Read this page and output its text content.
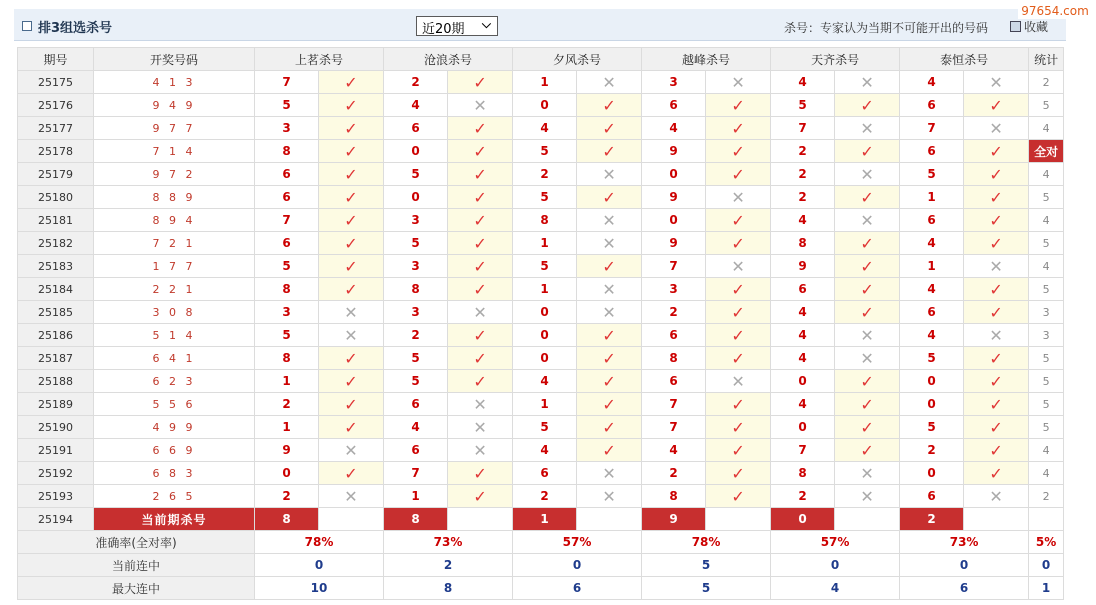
97654.com
排3组选杀号	近20期 ⌵	杀号：专家认为当期不可能开出的号码	收藏
期号	开奖号码	上茗杀号		沧浪杀号		夕风杀号		越峰杀号		天齐杀号		泰恒杀号		统计
25175	4 1 3	7	✓	2	✓	1	✕	3	✕	4	✕	4	✕	2
25176	9 4 9	5	✓	4	✕	0	✓	6	✓	5	✓	6	✓	5
25177	9 7 7	3	✓	6	✓	4	✓	4	✓	7	✕	7	✕	4
25178	7 1 4	8	✓	0	✓	5	✓	9	✓	2	✓	6	✓	全对
25179	9 7 2	6	✓	5	✓	2	✕	0	✓	2	✕	5	✓	4
25180	8 8 9	6	✓	0	✓	5	✓	9	✕	2	✓	1	✓	5
25181	8 9 4	7	✓	3	✓	8	✕	0	✓	4	✕	6	✓	4
25182	7 2 1	6	✓	5	✓	1	✕	9	✓	8	✓	4	✓	5
25183	1 7 7	5	✓	3	✓	5	✓	7	✕	9	✓	1	✕	4
25184	2 2 1	8	✓	8	✓	1	✕	3	✓	6	✓	4	✓	5
25185	3 0 8	3	✕	3	✕	0	✕	2	✓	4	✓	6	✓	3
25186	5 1 4	5	✕	2	✓	0	✓	6	✓	4	✕	4	✕	3
25187	6 4 1	8	✓	5	✓	0	✓	8	✓	4	✕	5	✓	5
25188	6 2 3	1	✓	5	✓	4	✓	6	✕	0	✓	0	✓	5
25189	5 5 6	2	✓	6	✕	1	✓	7	✓	4	✓	0	✓	5
25190	4 9 9	1	✓	4	✕	5	✓	7	✓	0	✓	5	✓	5
25191	6 6 9	9	✕	6	✕	4	✓	4	✓	7	✓	2	✓	4
25192	6 8 3	0	✓	7	✓	6	✕	2	✓	8	✕	0	✓	4
25193	2 6 5	2	✕	1	✓	2	✕	8	✓	2	✕	6	✕	2
25194	当前期杀号	8		8		1		9		0		2		
准确率(全对率)		78%		73%		57%		78%		57%		73%		5%
当前连中		0		2		0		5		0		0		0
最大连中		10		8		6		5		4		6		1
